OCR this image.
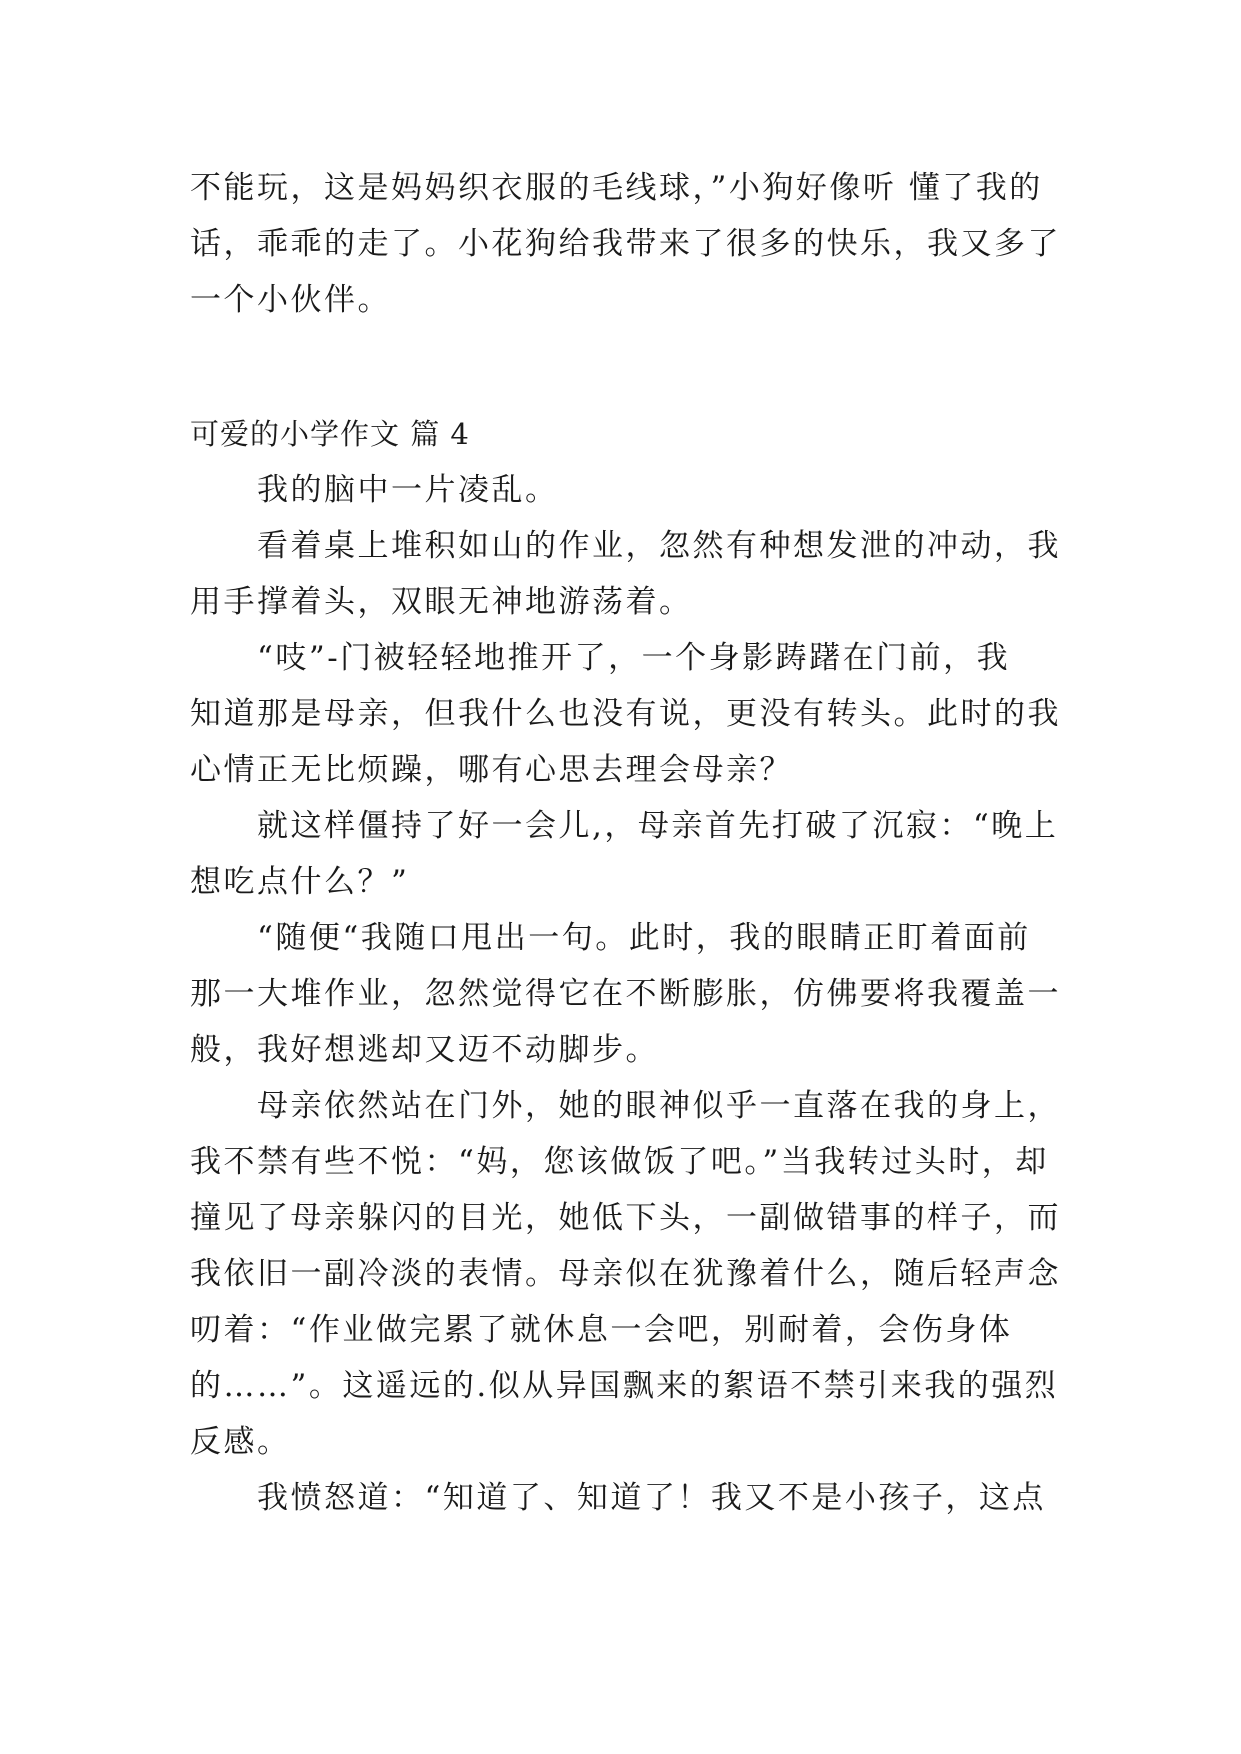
不能玩，这是妈妈织衣服的毛线球，”小狗好像听 懂了我的
话，乖乖的走了。小花狗给我带来了很多的快乐，我又多了
一个小伙伴。
可爱的小学作文 篇 4
我的脑中一片凌乱。
看着桌上堆积如山的作业，忽然有种想发泄的冲动，我
用手撑着头，双眼无神地游荡着。
“吱”-门被轻轻地推开了，一个身影踌躇在门前，我
知道那是母亲，但我什么也没有说，更没有转头。此时的我
心情正无比烦躁，哪有心思去理会母亲？
就这样僵持了好一会儿,，母亲首先打破了沉寂：“晚上
想吃点什么？”
“随便“我随口甩出一句。此时，我的眼睛正盯着面前
那一大堆作业，忽然觉得它在不断膨胀，仿佛要将我覆盖一
般，我好想逃却又迈不动脚步。
母亲依然站在门外，她的眼神似乎一直落在我的身上，
我不禁有些不悦：“妈，您该做饭了吧。”当我转过头时，却
撞见了母亲躲闪的目光，她低下头，一副做错事的样子，而
我依旧一副冷淡的表情。母亲似在犹豫着什么，随后轻声念
叨着：“作业做完累了就休息一会吧，别耐着，会伤身体
的……”。这遥远的.似从异国飘来的絮语不禁引来我的强烈
反感。
我愤怒道：“知道了、知道了！我又不是小孩子，这点
